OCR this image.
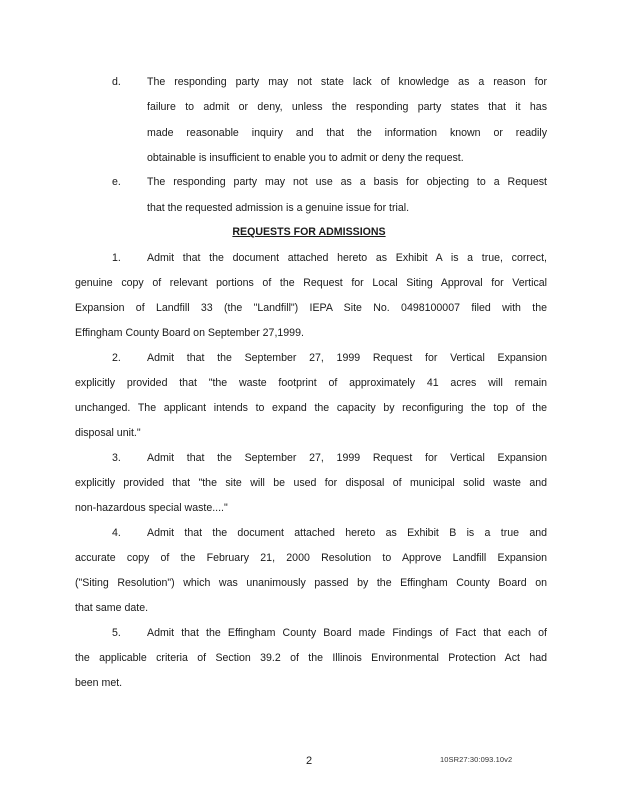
d. The responding party may not state lack of knowledge as a reason for
failure to admit or deny, unless the responding party states that it has
made reasonable inquiry and that the information known or readily
obtainable is insufficient to enable you to admit or deny the request.
e. The responding party may not use as a basis for objecting to a Request
that the requested admission is a genuine issue for trial.
REQUESTS FOR ADMISSIONS
1. Admit that the document attached hereto as Exhibit A is a true, correct,
genuine copy of relevant portions of the Request for Local Siting Approval for Vertical
Expansion of Landfill 33 (the "Landfill") IEPA Site No. 0498100007 filed with the
Effingham County Board on September 27,1999.
2. Admit that the September 27, 1999 Request for Vertical Expansion
explicitly provided that "the waste footprint of approximately 41 acres will remain
unchanged. The applicant intends to expand the capacity by reconfiguring the top of the
disposal unit."
3. Admit that the September 27, 1999 Request for Vertical Expansion
explicitly provided that "the site will be used for disposal of municipal solid waste and
non-hazardous special waste...."
4. Admit that the document attached hereto as Exhibit B is a true and
accurate copy of the February 21, 2000 Resolution to Approve Landfill Expansion
("Siting Resolution") which was unanimously passed by the Effingham County Board on
that same date.
5. Admit that the Effingham County Board made Findings of Fact that each of
the applicable criteria of Section 39.2 of the Illinois Environmental Protection Act had
been met.
2	10SR27:30:093.10v2
